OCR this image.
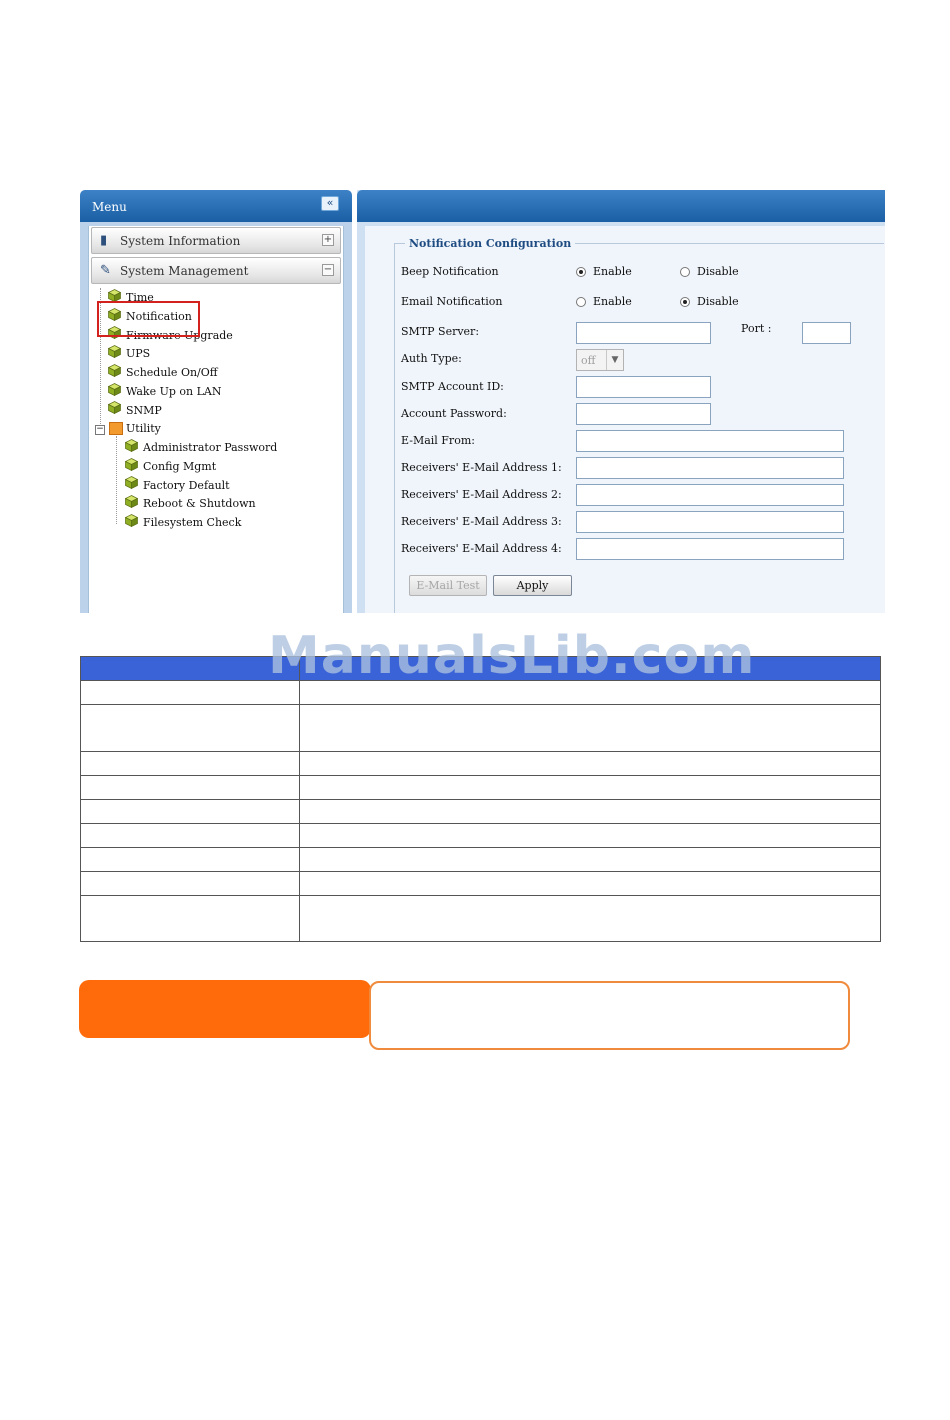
Menu	«
▮ System Information	+
✎ System Management	−
Time
Notification
Firmware Upgrade
UPS
Schedule On/Off
Wake Up on LAN
SNMP
− Utility
Administrator Password
Config Mgmt
Factory Default
Reboot & Shutdown
Filesystem Check
Notification Configuration
Beep Notification	Enable	Disable
Email Notification	Enable	Disable
SMTP Server:	Port :
Auth Type:	off	▼
SMTP Account ID:
Account Password:
E-Mail From:
Receivers' E-Mail Address 1:
Receivers' E-Mail Address 2:
Receivers' E-Mail Address 3:
Receivers' E-Mail Address 4:
E-Mail Test	Apply

ManualsLib.com
